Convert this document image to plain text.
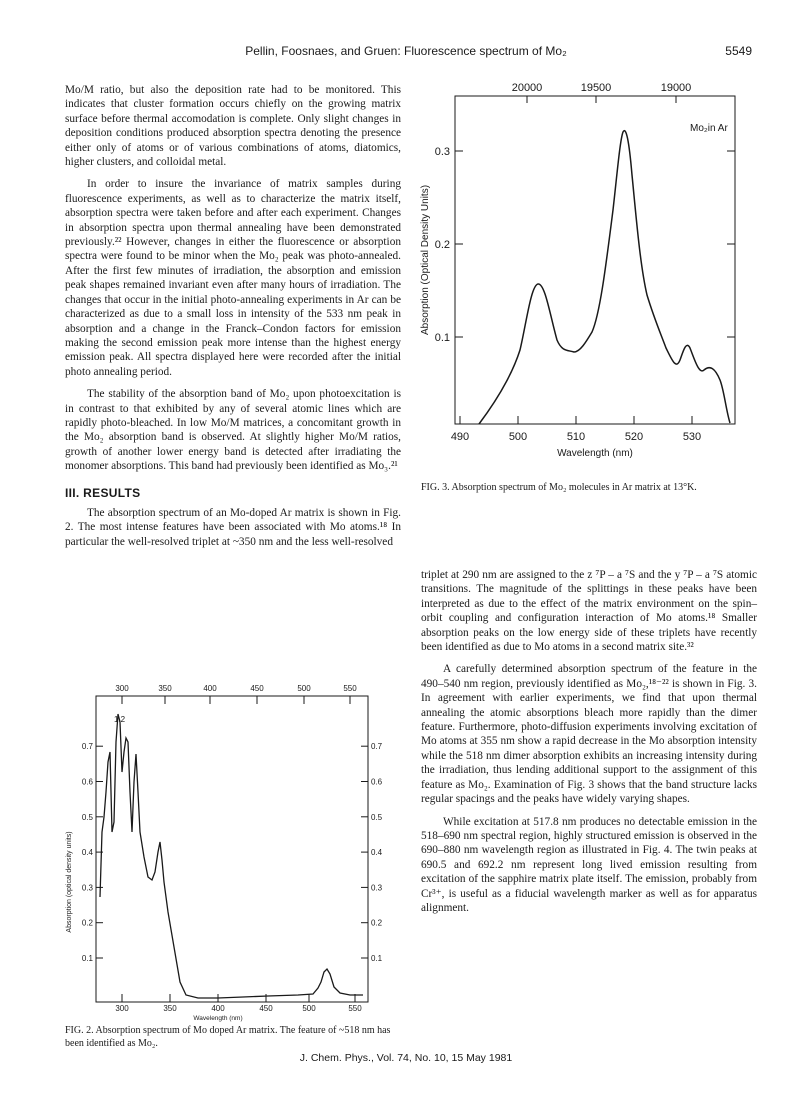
Pellin, Foosnaes, and Gruen: Fluorescence spectrum of Mo₂	5549

Mo/M ratio, but also the deposition rate had to be monitored. This indicates that cluster formation occurs chiefly on the growing matrix surface before thermal accomodation is complete. Only slight changes in deposition conditions produced absorption spectra denoting the presence either only of atoms or of various combinations of atoms, diatomics, higher clusters, and colloidal metal.

In order to insure the invariance of matrix samples during fluorescence experiments, as well as to characterize the matrix itself, absorption spectra were taken before and after each experiment. Changes in absorption spectra upon thermal annealing have been demonstrated previously.²² However, changes in either the fluorescence or absorption spectra were found to be minor when the Mo₂ peak was photo-annealed. After the first few minutes of irradiation, the absorption and emission peak shapes remained invariant even after many hours of irradiation. The changes that occur in the initial photo-annealing experiments in Ar can be characterized as due to a small loss in intensity of the 533 nm peak in absorption and a change in the Franck–Condon factors for emission making the second emission peak more intense than the highest energy emission peak. All spectra displayed here were recorded after the initial photo annealing period.

The stability of the absorption band of Mo₂ upon photoexcitation is in contrast to that exhibited by any of several atomic lines which are rapidly photo-bleached. In low Mo/M matrices, a concomitant growth in the Mo₂ absorption band is observed. At slightly higher Mo/M ratios, growth of another lower energy band is detected after irradiating the monomer absorptions. This band had previously been identified as Mo₃.²¹

III. RESULTS

The absorption spectrum of an Mo-doped Ar matrix is shown in Fig. 2. The most intense features have been associated with Mo atoms.¹⁸ In particular the well-resolved triplet at ~350 nm and the less well-resolved

20000	19500	19000
0.1
0.2
0.3
490	500	510	520	530
Wavelength (nm)
Absorption (Optical Density Units)
Mo₂in Ar
FIG. 3. Absorption spectrum of Mo₂ molecules in Ar matrix at 13°K.

triplet at 290 nm are assigned to the z ⁷P – a ⁷S and the y ⁷P – a ⁷S atomic transitions. The magnitude of the splittings in these peaks have been interpreted as due to the effect of the matrix environment on the spin–orbit coupling and configuration interaction of Mo atoms.¹⁸ Smaller absorption peaks on the low energy side of these triplets have recently been identified as due to Mo atoms in a second matrix site.³²

A carefully determined absorption spectrum of the feature in the 490–540 nm region, previously identified as Mo₂,¹⁸⁻²² is shown in Fig. 3. In agreement with earlier experiments, we find that upon thermal annealing the atomic absorptions bleach more rapidly than the dimer feature. Furthermore, photo-diffusion experiments involving excitation of Mo atoms at 355 nm show a rapid decrease in the Mo absorption intensity while the 518 nm dimer absorption exhibits an increasing intensity during the irradiation, thus lending additional support to the assignment of this feature as Mo₂. Examination of Fig. 3 shows that the band structure lacks regular spacings and the peaks have widely varying shapes.

While excitation at 517.8 nm produces no detectable emission in the 518–690 nm spectral region, highly structured emission is observed in the 690–880 nm wavelength region as illustrated in Fig. 4. The twin peaks at 690.5 and 692.2 nm represent long lived emission resulting from excitation of the sapphire matrix plate itself. The emission, probably from Cr³⁺, is useful as a fiducial wavelength marker as well as for apparatus alignment.

300	350	400	450	500	550
300	350	400	450	500	550
Wavelength (nm)
0.1	0.1
0.2	0.2
0.3	0.3
0.4	0.4
0.5	0.5
0.6	0.6
0.7	0.7
Absorption (optical density units)
1.2
FIG. 2. Absorption spectrum of Mo doped Ar matrix. The feature of ~518 nm has been identified as Mo₂.
J. Chem. Phys., Vol. 74, No. 10, 15 May 1981
